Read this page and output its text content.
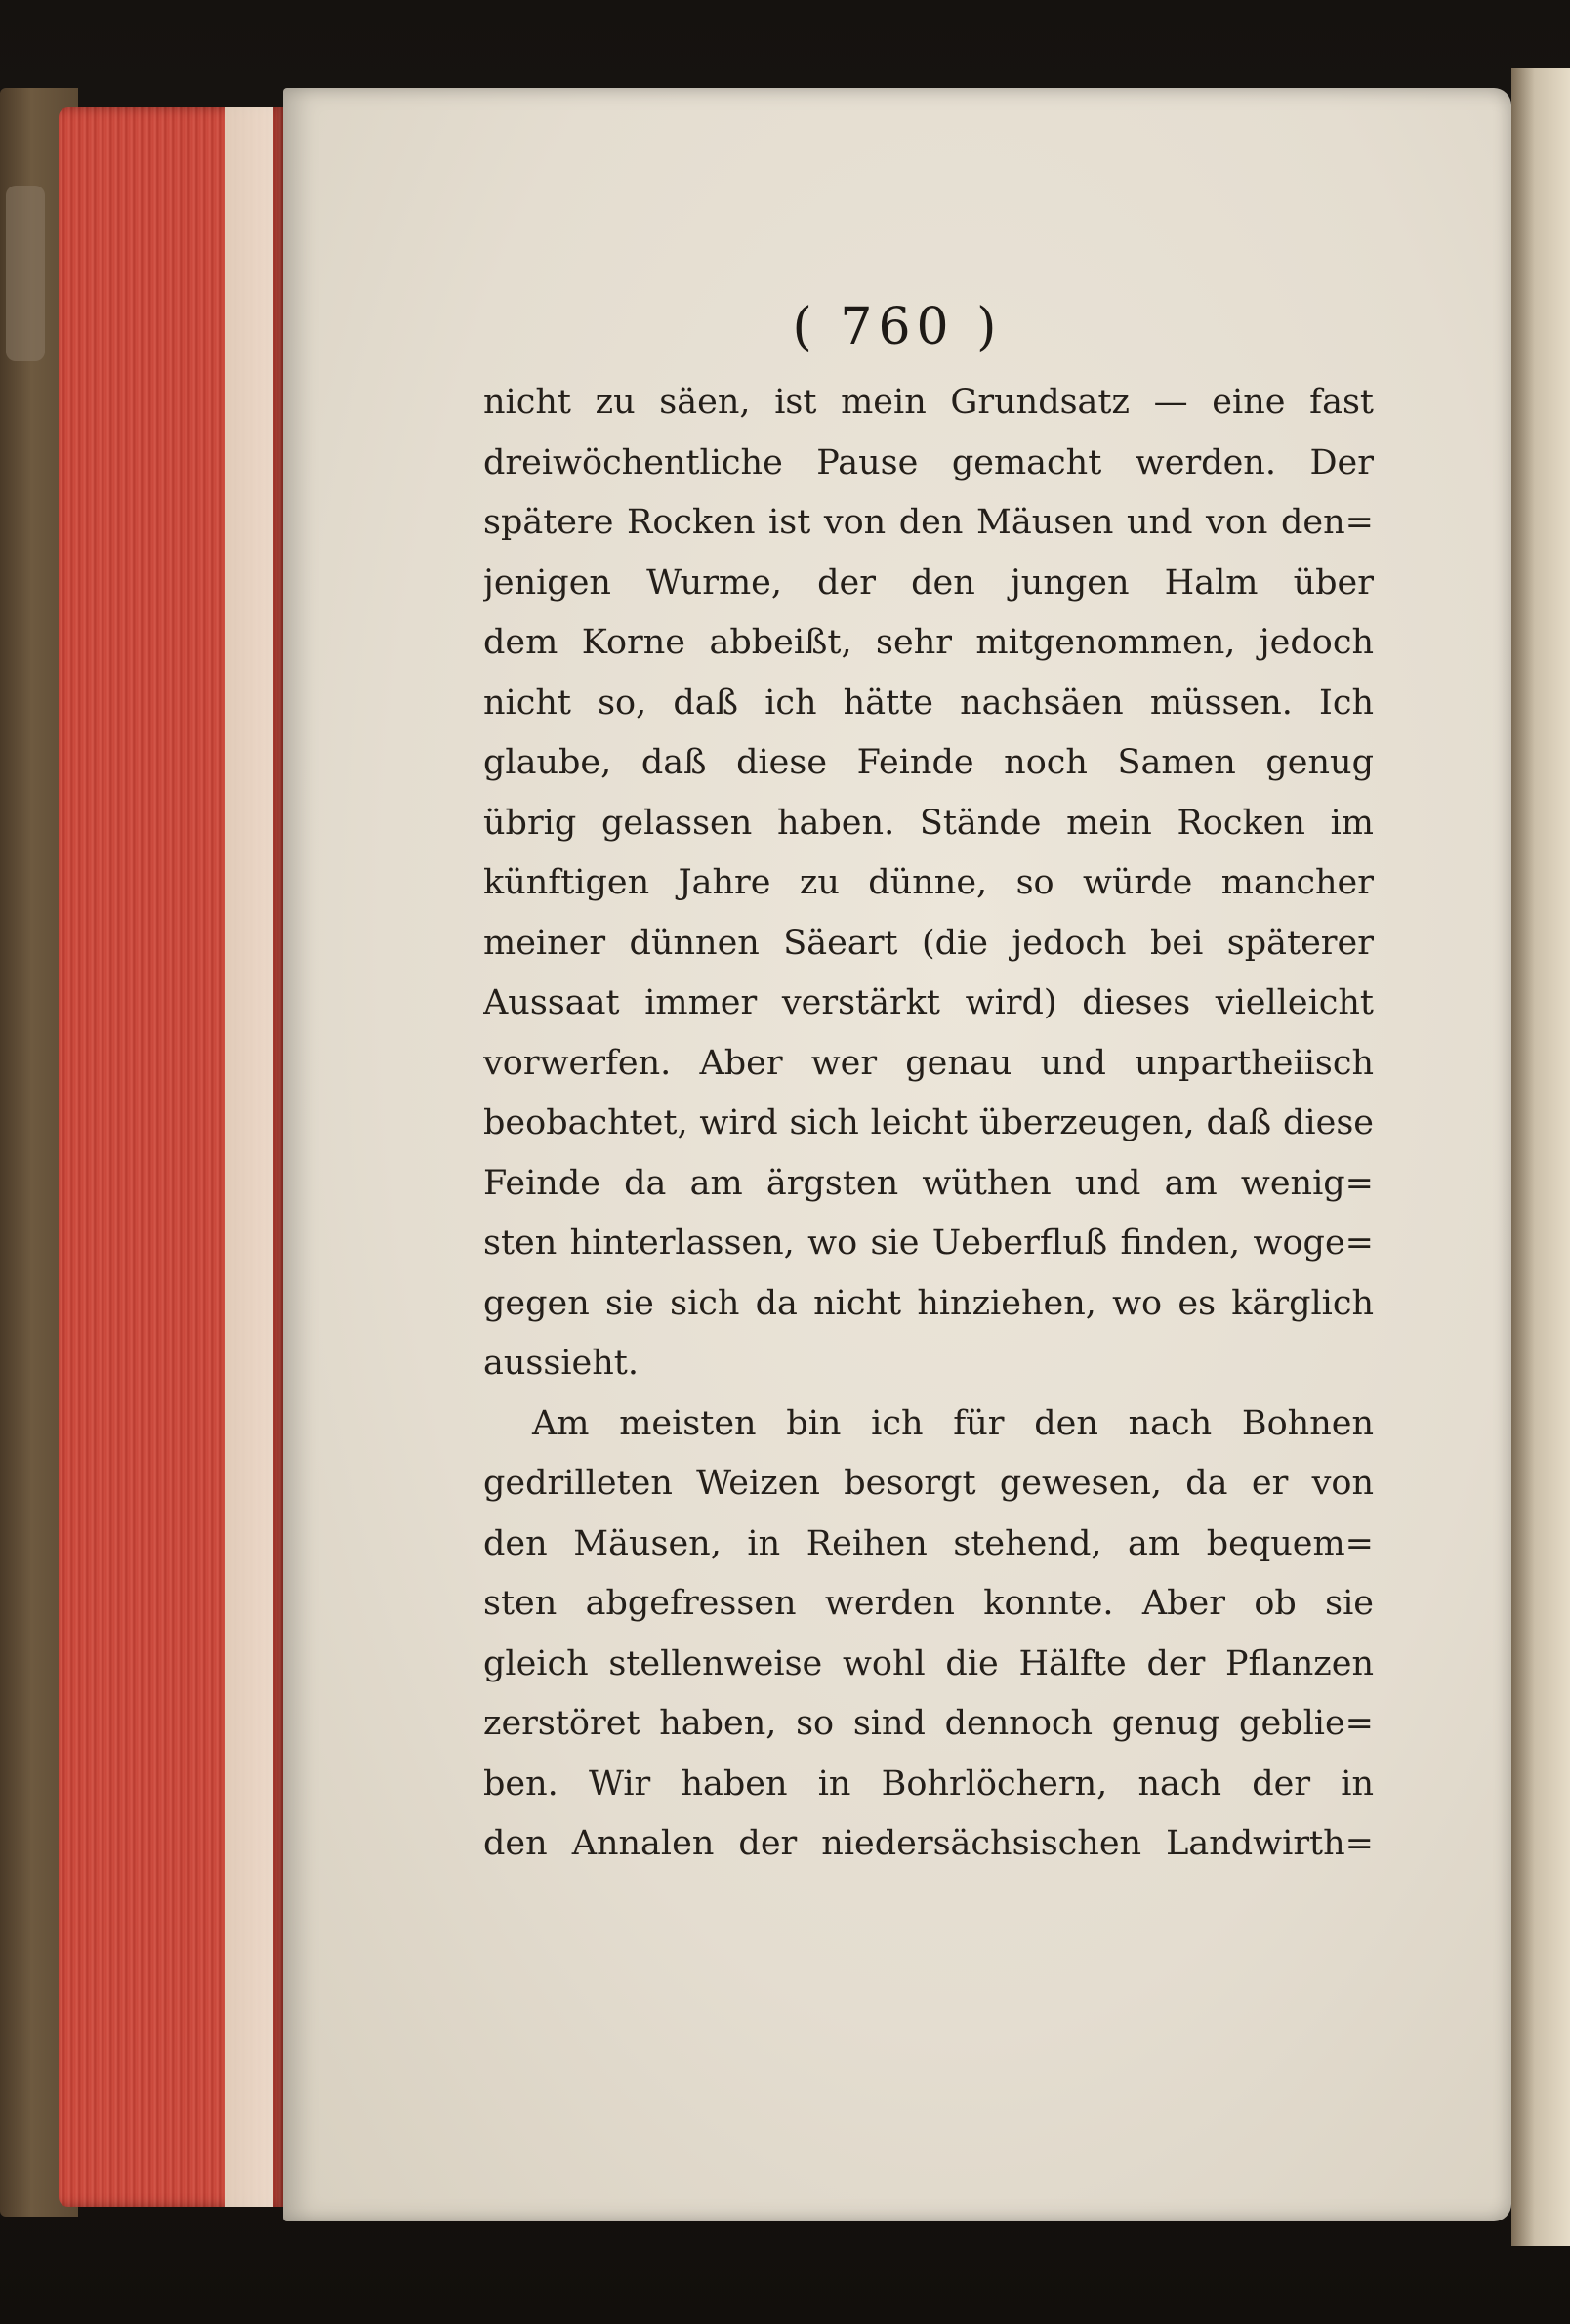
( 760 )
nicht zu säen, ist mein Grundsatz — eine fast
dreiwöchentliche Pause gemacht werden. Der
spätere Rocken ist von den Mäusen und von den=
jenigen Wurme, der den jungen Halm über
dem Korne abbeißt, sehr mitgenommen, jedoch
nicht so, daß ich hätte nachsäen müssen. Ich
glaube, daß diese Feinde noch Samen genug
übrig gelassen haben. Stände mein Rocken im
künftigen Jahre zu dünne, so würde mancher
meiner dünnen Säeart (die jedoch bei späterer
Aussaat immer verstärkt wird) dieses vielleicht
vorwerfen. Aber wer genau und unpartheiisch
beobachtet, wird sich leicht überzeugen, daß diese
Feinde da am ärgsten wüthen und am wenig=
sten hinterlassen, wo sie Ueberfluß finden, woge=
gegen sie sich da nicht hinziehen, wo es kärglich
aussieht.
Am meisten bin ich für den nach Bohnen
gedrilleten Weizen besorgt gewesen, da er von
den Mäusen, in Reihen stehend, am bequem=
sten abgefressen werden konnte. Aber ob sie
gleich stellenweise wohl die Hälfte der Pflanzen
zerstöret haben, so sind dennoch genug geblie=
ben. Wir haben in Bohrlöchern, nach der in
den Annalen der niedersächsischen Landwirth=
